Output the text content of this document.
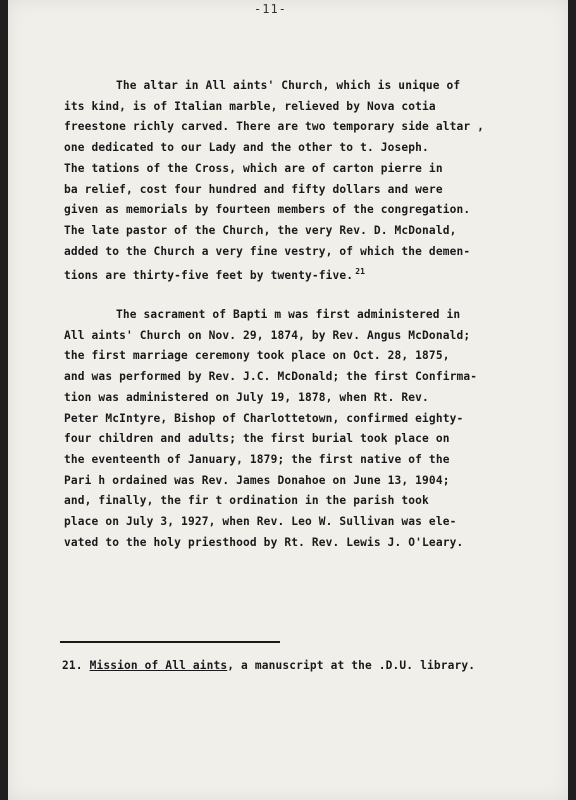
-11-
The altar in All aints' Church, which is unique of
its kind, is of Italian marble, relieved by Nova cotia
freestone richly carved. There are two temporary side altar ,
one dedicated to our Lady and the other to t. Joseph.
The tations of the Cross, which are of carton pierre in
ba relief, cost four hundred and fifty dollars and were
given as memorials by fourteen members of the congregation.
The late pastor of the Church, the very Rev. D. McDonald,
added to the Church a very fine vestry, of which the demen-
tions are thirty-five feet by twenty-five. $^{21}$
The sacrament of Bapti m was first administered in
All aints' Church on Nov. 29, 1874, by Rev. Angus McDonald;
the first marriage ceremony took place on Oct. 28, 1875,
and was performed by Rev. J.C. McDonald; the first Confirma-
tion was administered on July 19, 1878, when Rt. Rev.
Peter McIntyre, Bishop of Charlottetown, confirmed eighty-
four children and adults; the first burial took place on
the eventeenth of January, 1879; the first native of the
Pari h ordained was Rev. James Donahoe on June 13, 1904;
and, finally, the fir t ordination in the parish took
place on July 3, 1927, when Rev. Leo W. Sullivan was ele-
vated to the holy priesthood by Rt. Rev. Lewis J. O'Leary.
21. Mission of All aints, a manuscript at the .D.U. library.
